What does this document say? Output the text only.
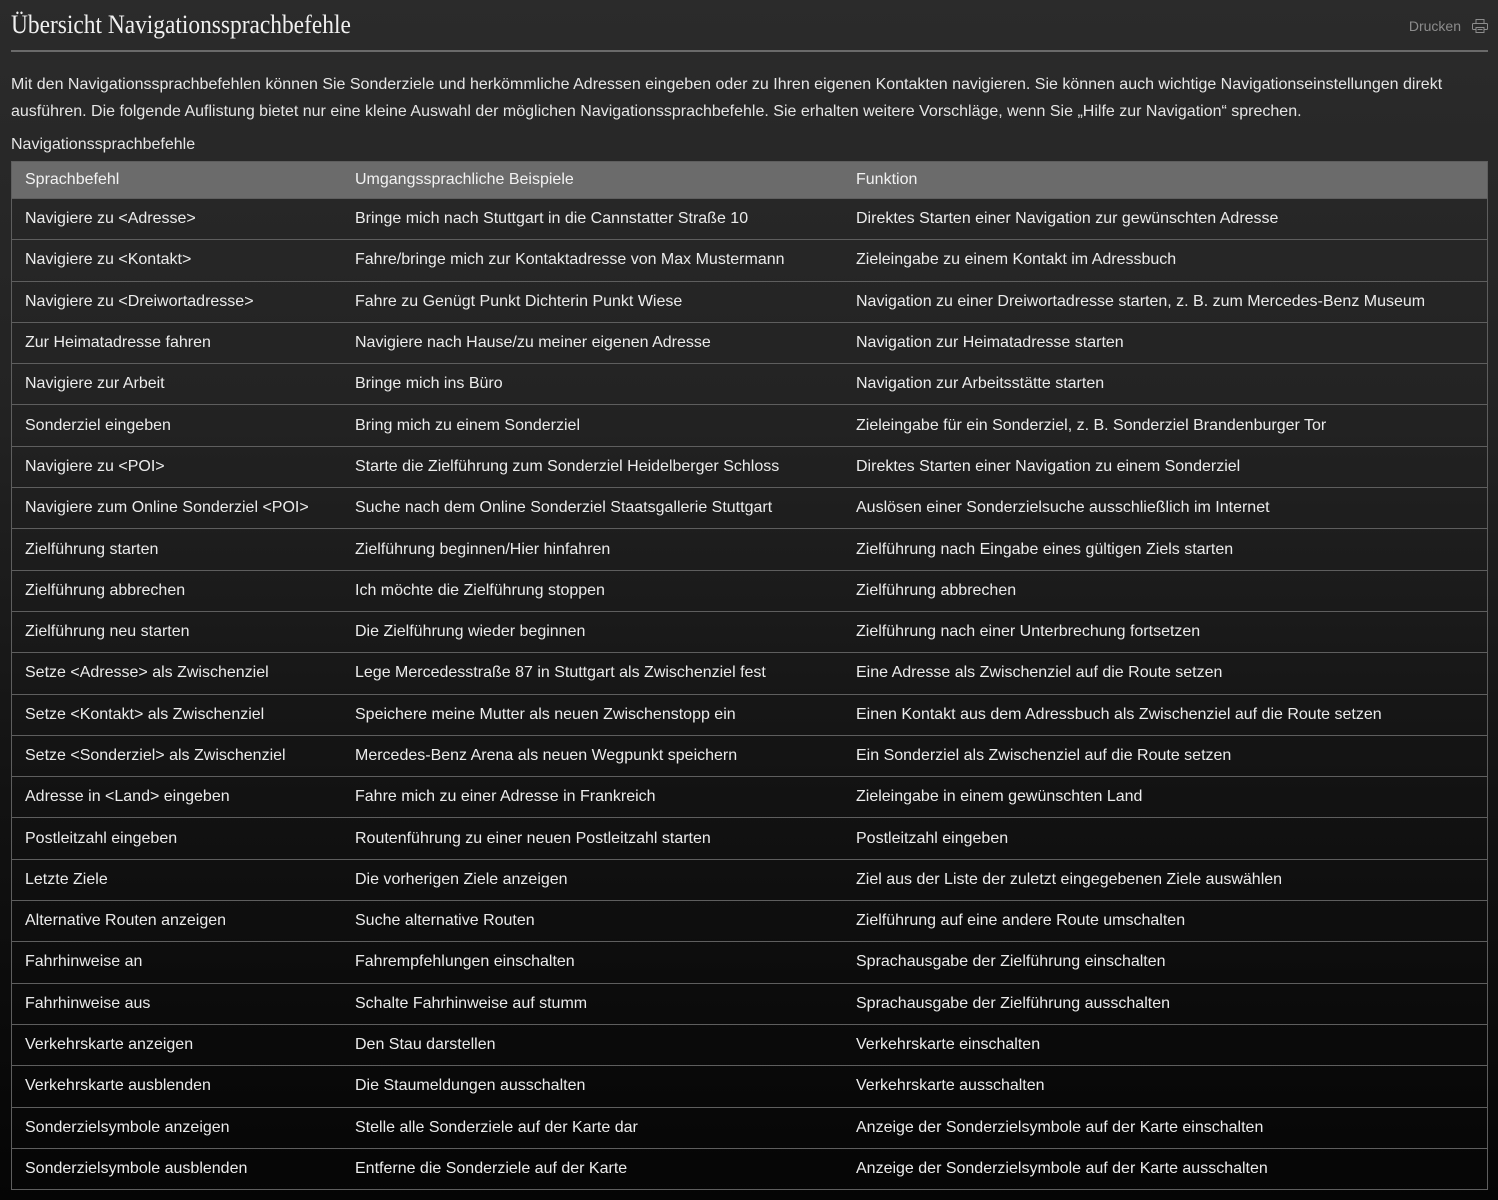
Übersicht Navigationssprachbefehle	Drucken
Mit den Navigationssprachbefehlen können Sie Sonderziele und herkömmliche Adressen eingeben oder zu Ihren eigenen Kontakten navigieren. Sie können auch wichtige Navigationseinstellungen direkt ausführen. Die folgende Auflistung bietet nur eine kleine Auswahl der möglichen Navigationssprachbefehle. Sie erhalten weitere Vorschläge, wenn Sie „Hilfe zur Navigation“ sprechen.
Navigationssprachbefehle
Sprachbefehl	Umgangssprachliche Beispiele	Funktion
Navigiere zu <Adresse>	Bringe mich nach Stuttgart in die Cannstatter Straße 10	Direktes Starten einer Navigation zur gewünschten Adresse
Navigiere zu <Kontakt>	Fahre/bringe mich zur Kontaktadresse von Max Mustermann	Zieleingabe zu einem Kontakt im Adressbuch
Navigiere zu <Dreiwortadresse>	Fahre zu Genügt Punkt Dichterin Punkt Wiese	Navigation zu einer Dreiwortadresse starten, z. B. zum Mercedes-Benz Museum
Zur Heimatadresse fahren	Navigiere nach Hause/zu meiner eigenen Adresse	Navigation zur Heimatadresse starten
Navigiere zur Arbeit	Bringe mich ins Büro	Navigation zur Arbeitsstätte starten
Sonderziel eingeben	Bring mich zu einem Sonderziel	Zieleingabe für ein Sonderziel, z. B. Sonderziel Brandenburger Tor
Navigiere zu <POI>	Starte die Zielführung zum Sonderziel Heidelberger Schloss	Direktes Starten einer Navigation zu einem Sonderziel
Navigiere zum Online Sonderziel <POI>	Suche nach dem Online Sonderziel Staatsgallerie Stuttgart	Auslösen einer Sonderzielsuche ausschließlich im Internet
Zielführung starten	Zielführung beginnen/Hier hinfahren	Zielführung nach Eingabe eines gültigen Ziels starten
Zielführung abbrechen	Ich möchte die Zielführung stoppen	Zielführung abbrechen
Zielführung neu starten	Die Zielführung wieder beginnen	Zielführung nach einer Unterbrechung fortsetzen
Setze <Adresse> als Zwischenziel	Lege Mercedesstraße 87 in Stuttgart als Zwischenziel fest	Eine Adresse als Zwischenziel auf die Route setzen
Setze <Kontakt> als Zwischenziel	Speichere meine Mutter als neuen Zwischenstopp ein	Einen Kontakt aus dem Adressbuch als Zwischenziel auf die Route setzen
Setze <Sonderziel> als Zwischenziel	Mercedes-Benz Arena als neuen Wegpunkt speichern	Ein Sonderziel als Zwischenziel auf die Route setzen
Adresse in <Land> eingeben	Fahre mich zu einer Adresse in Frankreich	Zieleingabe in einem gewünschten Land
Postleitzahl eingeben	Routenführung zu einer neuen Postleitzahl starten	Postleitzahl eingeben
Letzte Ziele	Die vorherigen Ziele anzeigen	Ziel aus der Liste der zuletzt eingegebenen Ziele auswählen
Alternative Routen anzeigen	Suche alternative Routen	Zielführung auf eine andere Route umschalten
Fahrhinweise an	Fahrempfehlungen einschalten	Sprachausgabe der Zielführung einschalten
Fahrhinweise aus	Schalte Fahrhinweise auf stumm	Sprachausgabe der Zielführung ausschalten
Verkehrskarte anzeigen	Den Stau darstellen	Verkehrskarte einschalten
Verkehrskarte ausblenden	Die Staumeldungen ausschalten	Verkehrskarte ausschalten
Sonderzielsymbole anzeigen	Stelle alle Sonderziele auf der Karte dar	Anzeige der Sonderzielsymbole auf der Karte einschalten
Sonderzielsymbole ausblenden	Entferne die Sonderziele auf der Karte	Anzeige der Sonderzielsymbole auf der Karte ausschalten
